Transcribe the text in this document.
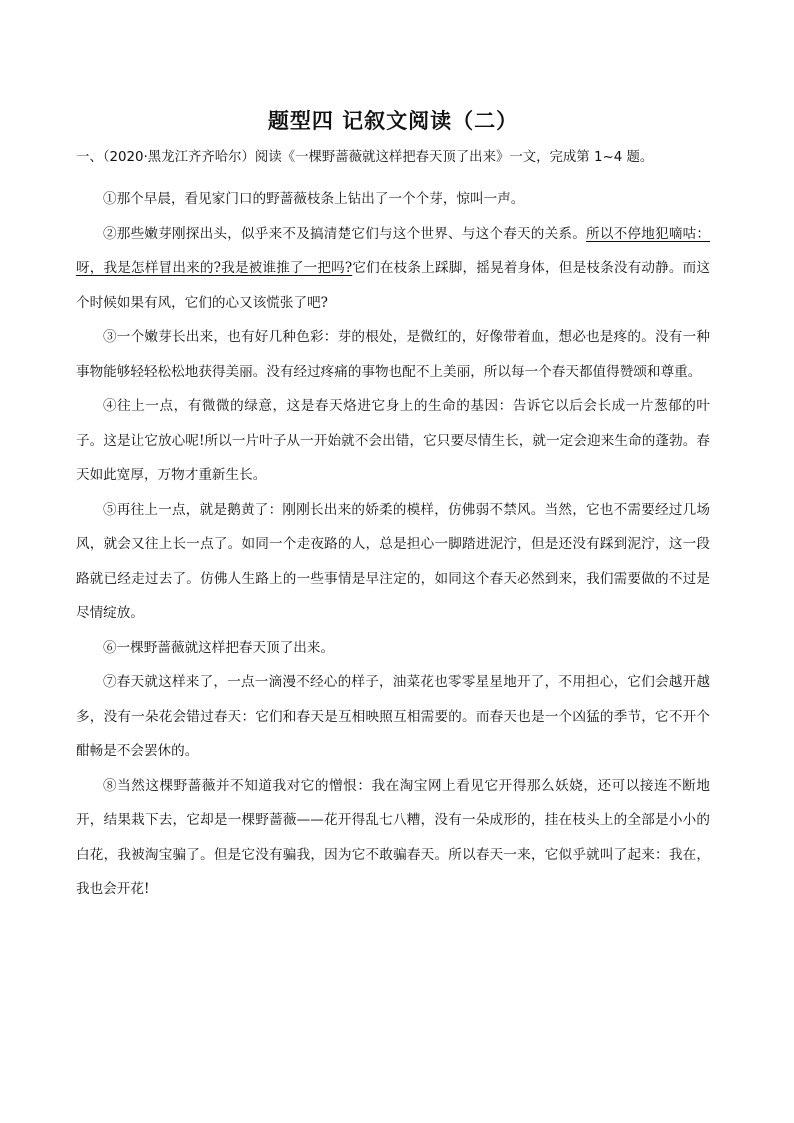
题型四 记叙文阅读（二）
一、（2020·黑龙江齐齐哈尔）阅读《一棵野蔷薇就这样把春天顶了出来》一文，完成第 1~4 题。

①那个早晨，看见家门口的野蔷薇枝条上钻出了一个个芽，惊叫一声。

②那些嫩芽刚探出头，似乎来不及搞清楚它们与这个世界、与这个春天的关系。所以不停地犯嘀咕：呀，我是怎样冒出来的?我是被谁推了一把吗?它们在枝条上踩脚，摇晃着身体，但是枝条没有动静。而这个时候如果有风，它们的心又该慌张了吧?

③一个嫩芽长出来，也有好几种色彩：芽的根处，是微红的，好像带着血，想必也是疼的。没有一种事物能够轻轻松松地获得美丽。没有经过疼痛的事物也配不上美丽，所以每一个春天都值得赞颂和尊重。

④往上一点，有微微的绿意，这是春天烙进它身上的生命的基因：告诉它以后会长成一片葱郁的叶子。这是让它放心呢!所以一片叶子从一开始就不会出错，它只要尽情生长，就一定会迎来生命的蓬勃。春天如此宽厚，万物才重新生长。

⑤再往上一点，就是鹅黄了：刚刚长出来的娇柔的模样，仿佛弱不禁风。当然，它也不需要经过几场风，就会又往上长一点了。如同一个走夜路的人，总是担心一脚踏进泥泞，但是还没有踩到泥泞，这一段路就已经走过去了。仿佛人生路上的一些事情是早注定的，如同这个春天必然到来，我们需要做的不过是尽情绽放。

⑥一棵野蔷薇就这样把春天顶了出来。

⑦春天就这样来了，一点一滴漫不经心的样子，油菜花也零零星星地开了，不用担心，它们会越开越多，没有一朵花会错过春天：它们和春天是互相映照互相需要的。而春天也是一个凶猛的季节，它不开个酣畅是不会罢休的。

⑧当然这棵野蔷薇并不知道我对它的憎恨：我在淘宝网上看见它开得那么妖娆，还可以接连不断地开，结果栽下去，它却是一棵野蔷薇——花开得乱七八糟，没有一朵成形的，挂在枝头上的全部是小小的白花，我被淘宝骗了。但是它没有骗我，因为它不敢骗春天。所以春天一来，它似乎就叫了起来：我在，我也会开花!
